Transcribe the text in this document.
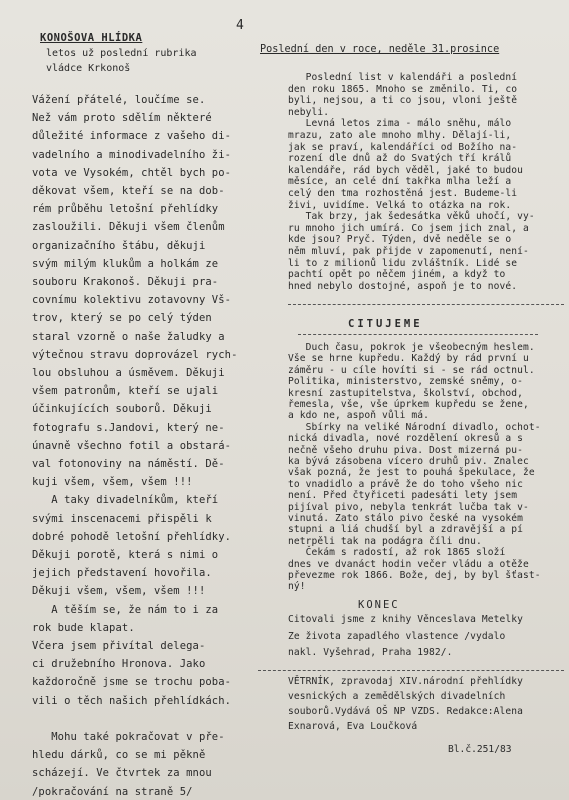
4
KONOŠOVA HLÍDKA
letos už poslední rubrika
vládce Krkonoš
Vážení přátelé, loučíme se.
Než vám proto sdělím některé
důležité informace z vašeho di-
vadelního a minodivadelního ži-
vota ve Vysokém, chtěl bych po-
děkovat všem, kteří se na dob-
rém průběhu letošní přehlídky
zasloužili. Děkuji všem členům
organizačního štábu, děkuji
svým milým klukům a holkám ze
souboru Krakonoš. Děkuji pra-
covnímu kolektivu zotavovny Vš-
trov, který se po celý týden
staral vzorně o naše žaludky a
výtečnou stravu doprovázel rych-
lou obsluhou a úsměvem. Děkuji
všem patronům, kteří se ujali
účinkujících souborů. Děkuji
fotografu s.Jandovi, který ne-
únavně všechno fotil a obstará-
val fotonoviny na náměstí. Dě-
kuji všem, všem, všem !!!
A taky divadelníkům, kteří
svými inscenacemi přispěli k
dobré pohodě letošní přehlídky.
Děkuji porotě, která s nimi o
jejich představení hovořila.
Děkuji všem, všem, všem !!!
A těším se, že nám to i za
rok bude klapat.
Včera jsem přivítal delega-
ci družebního Hronova. Jako
každoročně jsme se trochu poba-
vili o těch našich přehlídkách.
Mohu také pokračovat v pře-
hledu dárků, co se mi pěkně
scházejí. Ve čtvrtek za mnou
/pokračování na straně 5/
Poslední den v roce, neděle 31.prosince
Poslední list v kalendáři a poslední
den roku 1865. Mnoho se změnilo. Ti, co
byli, nejsou, a ti co jsou, vloni ještě
nebyli.
Levná letos zima - málo sněhu, málo
mrazu, zato ale mnoho mlhy. Dělají-li,
jak se praví, kalendáříci od Božího na-
rození dle dnů až do Svatých tří králů
kalendáře, rád bych věděl, jaké to budou
měsíce, an celé dní takřka mlha leží a
celý den tma rozhostěná jest. Budeme-li
živi, uvidíme. Velká to otázka na rok.
Tak brzy, jak šedesátka věků uhočí, vy-
ru mnoho jich umírá. Co jsem jich znal, a
kde jsou? Pryč. Týden, dvě neděle se o
něm mluví, pak přijde v zapomenutí, není-
li to z milionů lidu zvláštník. Lidé se
pachtí opět po něčem jiném, a když to
hned nebylo dostojné, aspoň je to nové.
CITUJEME
Duch času, pokrok je všeobecným heslem.
Vše se hrne kupředu. Každý by rád první u
záměru - u cíle hovíti si - se rád octnul.
Politika, ministerstvo, zemské sněmy, o-
kresní zastupitelstva, školství, obchod,
řemesla, vše, vše úprkem kupředu se žene,
a kdo ne, aspoň vůli má.
Sbírky na veliké Národní divadlo, ochot-
nická divadla, nové rozdělení okresů a s
nečně všeho druhu piva. Dost mizerná pu-
ka bývá zásobena vícero druhů piv. Znalec
však pozná, že jest to pouhá špekulace, že
to vnadidlo a právě že do toho všeho nic
není. Před čtyřiceti padesáti lety jsem
pijíval pivo, nebyla tenkrát lučba tak v-
vinutá. Zato stálo pivo české na vysokém
stupni a liá chudší byl a zdravější a pí
netrpěli tak na podágra číli dnu.
Čekám s radostí, až rok 1865 složí
dnes ve dvanáct hodin večer vládu a otěže
převezme rok 1866. Bože, dej, by byl šťast-
ný!
KONEC
Citovali jsme z knihy Věnceslava Metelky
Ze života zapadlého vlastence /vydalo
nakl. Vyšehrad, Praha 1982/.
VĚTRNÍK, zpravodaj XIV.národní přehlídky
vesnických a zemědělských divadelních
souborů.Vydává OŠ NP VZDS. Redakce:Alena
Exnarová, Eva Loučková
Bl.č.251/83
